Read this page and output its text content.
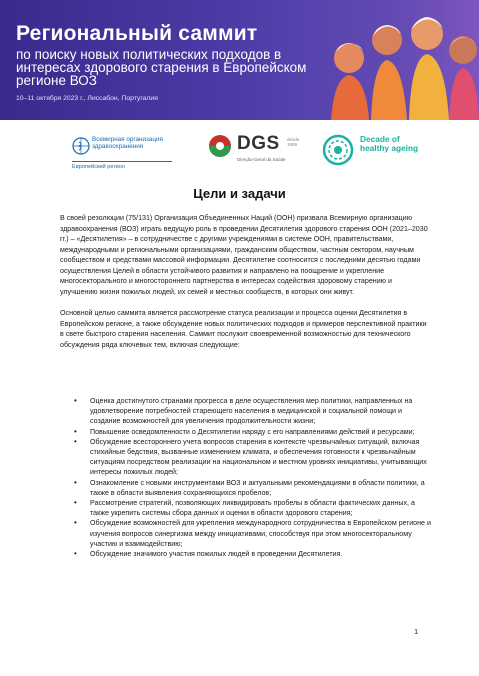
Региональный саммит
по поиску новых политических подходов в интересах здорового старения в Европейском регионе ВОЗ
10–11 октября 2023 г., Лиссабон, Португалия
Всемирная организация здравоохранения
Европейский регион
DGS desde 1899
Direção-Geral da Saúde
Decade of healthy ageing
Цели и задачи

В своей резолюции (75/131) Организация Объединенных Наций (ООН) призвала Всемирную организацию здравоохранения (ВОЗ) играть ведущую роль в проведении Десятилетия здорового старения ООН (2021–2030 гг.) – «Десятилетия» – в сотрудничестве с другими учреждениями в системе ООН, правительствами, международными и региональными организациями, гражданским обществом, частным сектором, научным сообществом и средствами массовой информации. Десятилетие соотносится с последними десятью годами осуществления Целей в области устойчивого развития и направлено на поощрение и укрепление многосекторального и многостороннего партнерства в интересах содействия здоровому старению и улучшению жизни пожилых людей, их семей и местных сообществ, в которых они живут.

Основной целью саммита является рассмотрение статуса реализации и процесса оценки Десятилетия в Европейском регионе, а также обсуждение новых политических подходов и примеров перспективной практики в свете быстрого старения населения. Саммит послужит своевременной возможностью для технического обсуждения ряда ключевых тем, включая следующие:

• Оценка достигнутого странами прогресса в деле осуществления мер политики, направленных на удовлетворение потребностей стареющего населения в медицинской и социальной помощи и создание возможностей для увеличения продолжительности жизни;
• Повышение осведомленности о Десятилетии наряду с его направлениями действий и ресурсами;
• Обсуждение всестороннего учета вопросов старения в контексте чрезвычайных ситуаций, включая стихийные бедствия, вызванные изменением климата, и обеспечения готовности к чрезвычайным ситуациям посредством реализации на национальном и местном уровнях инициативы, учитывающих интересы пожилых людей;
• Ознакомление с новыми инструментами ВОЗ и актуальными рекомендациями в области политики, а также в области выявления сохраняющихся пробелов;
• Рассмотрение стратегий, позволяющих ликвидировать пробелы в области фактических данных, а также укрепить системы сбора данных и оценки в области здорового старения;
• Обсуждение возможностей для укрепления международного сотрудничества в Европейском регионе и изучения вопросов синергизма между инициативами, способствуя при этом многосекторальному участию и взаимодействию;
• Обсуждение значимого участия пожилых людей в проведении Десятилетия.
1
